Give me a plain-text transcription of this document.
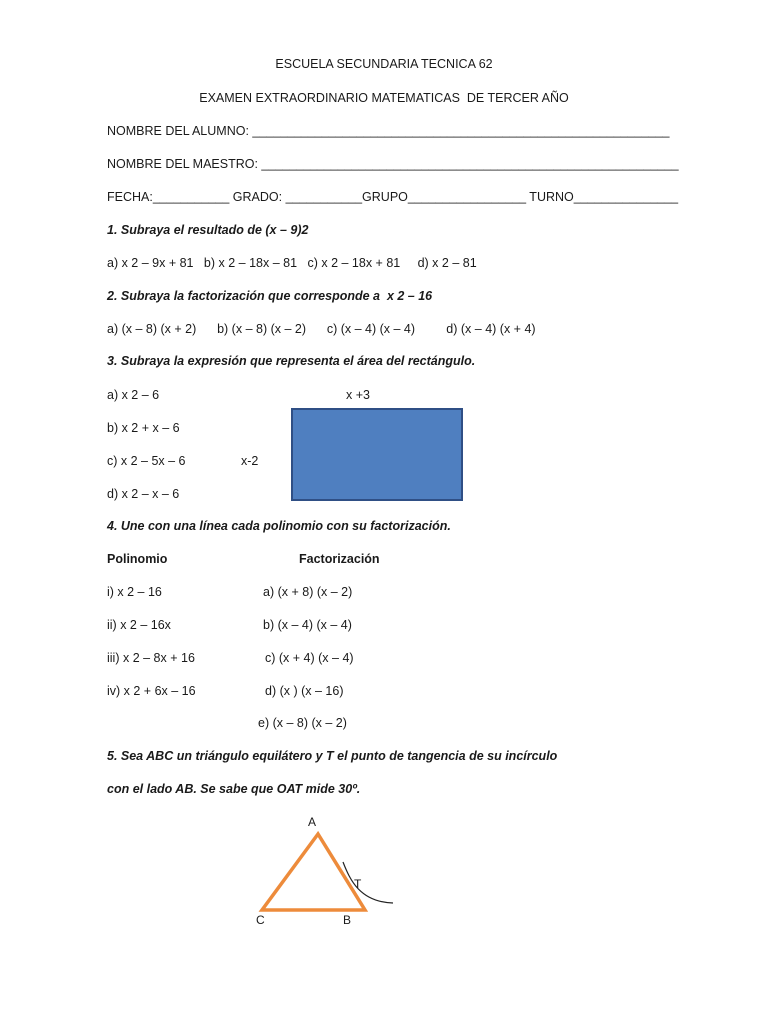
ESCUELA SECUNDARIA TECNICA 62
EXAMEN EXTRAORDINARIO MATEMATICAS  DE TERCER AÑO
NOMBRE DEL ALUMNO: ____________________________________________________________
NOMBRE DEL MAESTRO: ____________________________________________________________
FECHA:___________ GRADO: ___________GRUPO_________________ TURNO_______________
1. Subraya el resultado de (x – 9)2
a) x 2 – 9x + 81   b) x 2 – 18x – 81   c) x 2 – 18x + 81     d) x 2 – 81
2. Subraya la factorización que corresponde a  x 2 – 16
a) (x – 8) (x + 2)      b) (x – 8) (x – 2)      c) (x – 4) (x – 4)         d) (x – 4) (x + 4)
3. Subraya la expresión que representa el área del rectángulo.
a) x 2 – 6
b) x 2 + x – 6
c) x 2 – 5x – 6
d) x 2 – x – 6
x +3
x-2
4. Une con una línea cada polinomio con su factorización.
Polinomio	Factorización
i) x 2 – 16
ii) x 2 – 16x
iii) x 2 – 8x + 16
iv) x 2 + 6x – 16
a) (x + 8) (x – 2)
b) (x – 4) (x – 4)
c) (x + 4) (x – 4)
d) (x ) (x – 16)
e) (x – 8) (x – 2)
5. Sea ABC un triángulo equilátero y T el punto de tangencia de su incírculo
con el lado AB. Se sabe que OAT mide 30º.
A
B
C
T
